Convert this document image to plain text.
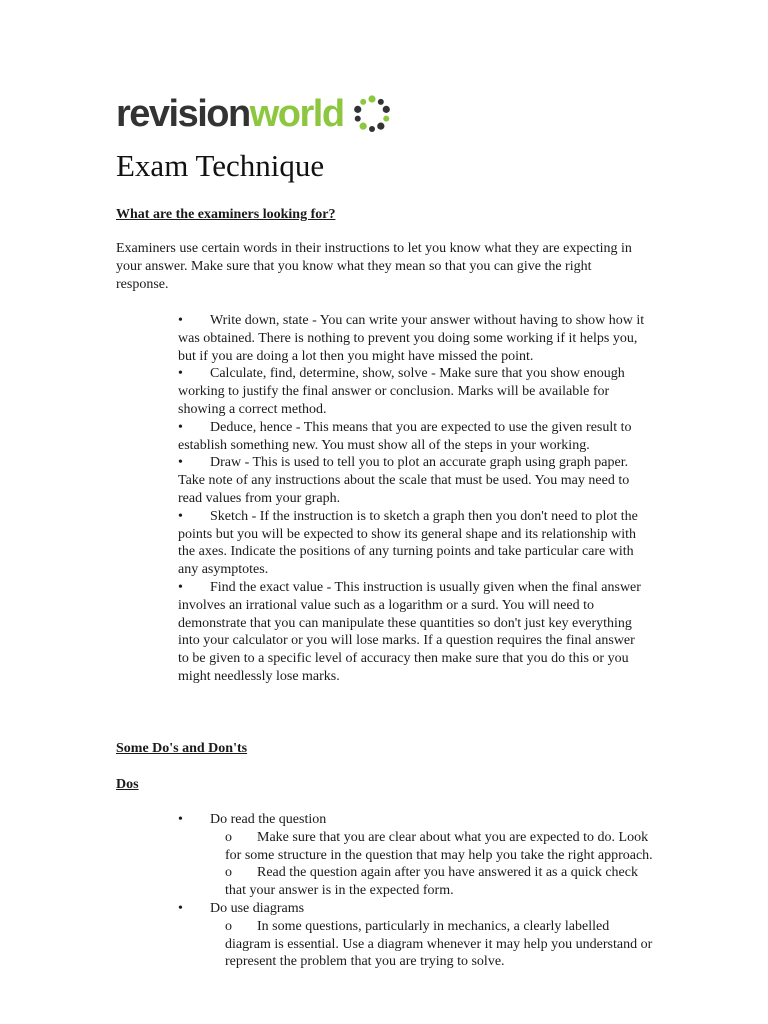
revisionworld
Exam Technique

What are the examiners looking for?

Examiners use certain words in their instructions to let you know what they are expecting in your answer. Make sure that you know what they mean so that you can give the right response.

• Write down, state - You can write your answer without having to show how it was obtained. There is nothing to prevent you doing some working if it helps you, but if you are doing a lot then you might have missed the point.
• Calculate, find, determine, show, solve - Make sure that you show enough working to justify the final answer or conclusion. Marks will be available for showing a correct method.
• Deduce, hence - This means that you are expected to use the given result to establish something new. You must show all of the steps in your working.
• Draw - This is used to tell you to plot an accurate graph using graph paper. Take note of any instructions about the scale that must be used. You may need to read values from your graph.
• Sketch - If the instruction is to sketch a graph then you don't need to plot the points but you will be expected to show its general shape and its relationship with the axes. Indicate the positions of any turning points and take particular care with any asymptotes.
• Find the exact value - This instruction is usually given when the final answer involves an irrational value such as a logarithm or a surd. You will need to demonstrate that you can manipulate these quantities so don't just key everything into your calculator or you will lose marks. If a question requires the final answer to be given to a specific level of accuracy then make sure that you do this or you might needlessly lose marks.

Some Do's and Don'ts

Dos

• Do read the question
o Make sure that you are clear about what you are expected to do. Look for some structure in the question that may help you take the right approach.
o Read the question again after you have answered it as a quick check that your answer is in the expected form.
• Do use diagrams
o In some questions, particularly in mechanics, a clearly labelled diagram is essential. Use a diagram whenever it may help you understand or represent the problem that you are trying to solve.
